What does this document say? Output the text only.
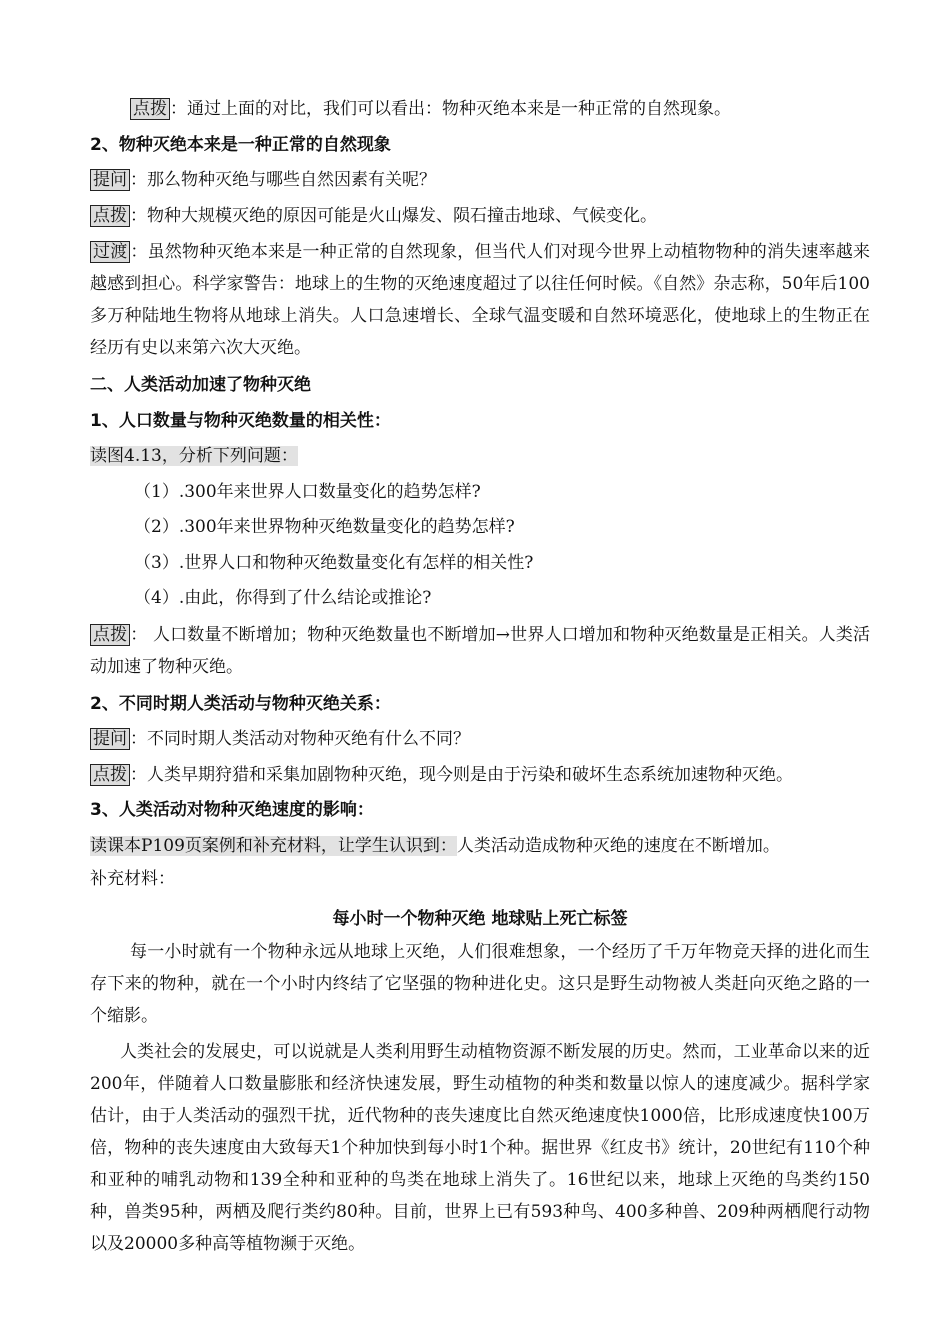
点拨 ：通过上面的对比，我们可以看出：物种灭绝本来是一种正常的自然现象。
2、物种灭绝本来是一种正常的自然现象
提问 ：那么物种灭绝与哪些自然因素有关呢？
点拨 ：物种大规模灭绝的原因可能是火山爆发、陨石撞击地球、气候变化。
过渡 ：虽然物种灭绝本来是一种正常的自然现象，但当代人们对现今世界上动植物物种的消失速率越来越感到担心。科学家警告：地球上的生物的灭绝速度超过了以往任何时候。《自然》杂志称，50年后100多万种陆地生物将从地球上消失。人口急速增长、全球气温变暖和自然环境恶化，使地球上的生物正在经历有史以来第六次大灭绝。
二、人类活动加速了物种灭绝
1、人口数量与物种灭绝数量的相关性：
读图4.13，分析下列问题：
（1）.300年来世界人口数量变化的趋势怎样?
（2）.300年来世界物种灭绝数量变化的趋势怎样?
（3）.世界人口和物种灭绝数量变化有怎样的相关性?
（4）.由此，你得到了什么结论或推论?
点拨 ： 人口数量不断增加；物种灭绝数量也不断增加→世界人口增加和物种灭绝数量是正相关。人类活动加速了物种灭绝。
2、不同时期人类活动与物种灭绝关系：
提问 ：不同时期人类活动对物种灭绝有什么不同？
点拨 ：人类早期狩猎和采集加剧物种灭绝，现今则是由于污染和破坏生态系统加速物种灭绝。
3、人类活动对物种灭绝速度的影响：
读课本P109页案例和补充材料，让学生认识到：人类活动造成物种灭绝的速度在不断增加。
补充材料：
每小时一个物种灭绝 地球贴上死亡标签
每一小时就有一个物种永远从地球上灭绝，人们很难想象，一个经历了千万年物竞天择的进化而生存下来的物种，就在一个小时内终结了它坚强的物种进化史。这只是野生动物被人类赶向灭绝之路的一个缩影。
人类社会的发展史，可以说就是人类利用野生动植物资源不断发展的历史。然而，工业革命以来的近200年，伴随着人口数量膨胀和经济快速发展，野生动植物的种类和数量以惊人的速度减少。据科学家估计，由于人类活动的强烈干扰，近代物种的丧失速度比自然灭绝速度快1000倍，比形成速度快100万倍，物种的丧失速度由大致每天1个种加快到每小时1个种。据世界《红皮书》统计，20世纪有110个种和亚种的哺乳动物和139全种和亚种的鸟类在地球上消失了。16世纪以来，地球上灭绝的鸟类约150种，兽类95种，两栖及爬行类约80种。目前，世界上已有593种鸟、400多种兽、209种两栖爬行动物以及20000多种高等植物濒于灭绝。
